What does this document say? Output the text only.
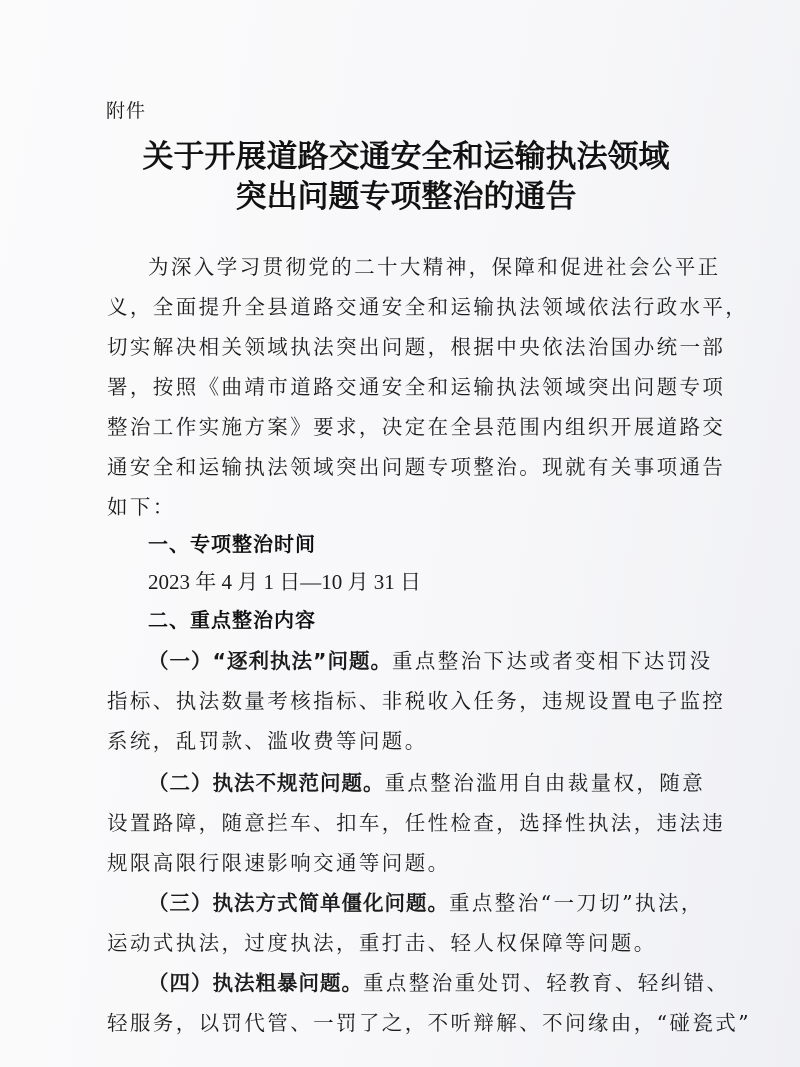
附件
关于开展道路交通安全和运输执法领域
突出问题专项整治的通告
为深入学习贯彻党的二十大精神，保障和促进社会公平正
义，全面提升全县道路交通安全和运输执法领域依法行政水平，
切实解决相关领域执法突出问题，根据中央依法治国办统一部
署，按照《曲靖市道路交通安全和运输执法领域突出问题专项
整治工作实施方案》要求，决定在全县范围内组织开展道路交
通安全和运输执法领域突出问题专项整治。现就有关事项通告
如下：
一、专项整治时间
2023 年 4 月 1 日—10 月 31 日
二、重点整治内容
（一）“逐利执法”问题。重点整治下达或者变相下达罚没
指标、执法数量考核指标、非税收入任务，违规设置电子监控
系统，乱罚款、滥收费等问题。
（二）执法不规范问题。重点整治滥用自由裁量权，随意
设置路障，随意拦车、扣车，任性检查，选择性执法，违法违
规限高限行限速影响交通等问题。
（三）执法方式简单僵化问题。重点整治“一刀切”执法，
运动式执法，过度执法，重打击、轻人权保障等问题。
（四）执法粗暴问题。重点整治重处罚、轻教育、轻纠错、
轻服务，以罚代管、一罚了之，不听辩解、不问缘由，“碰瓷式”
